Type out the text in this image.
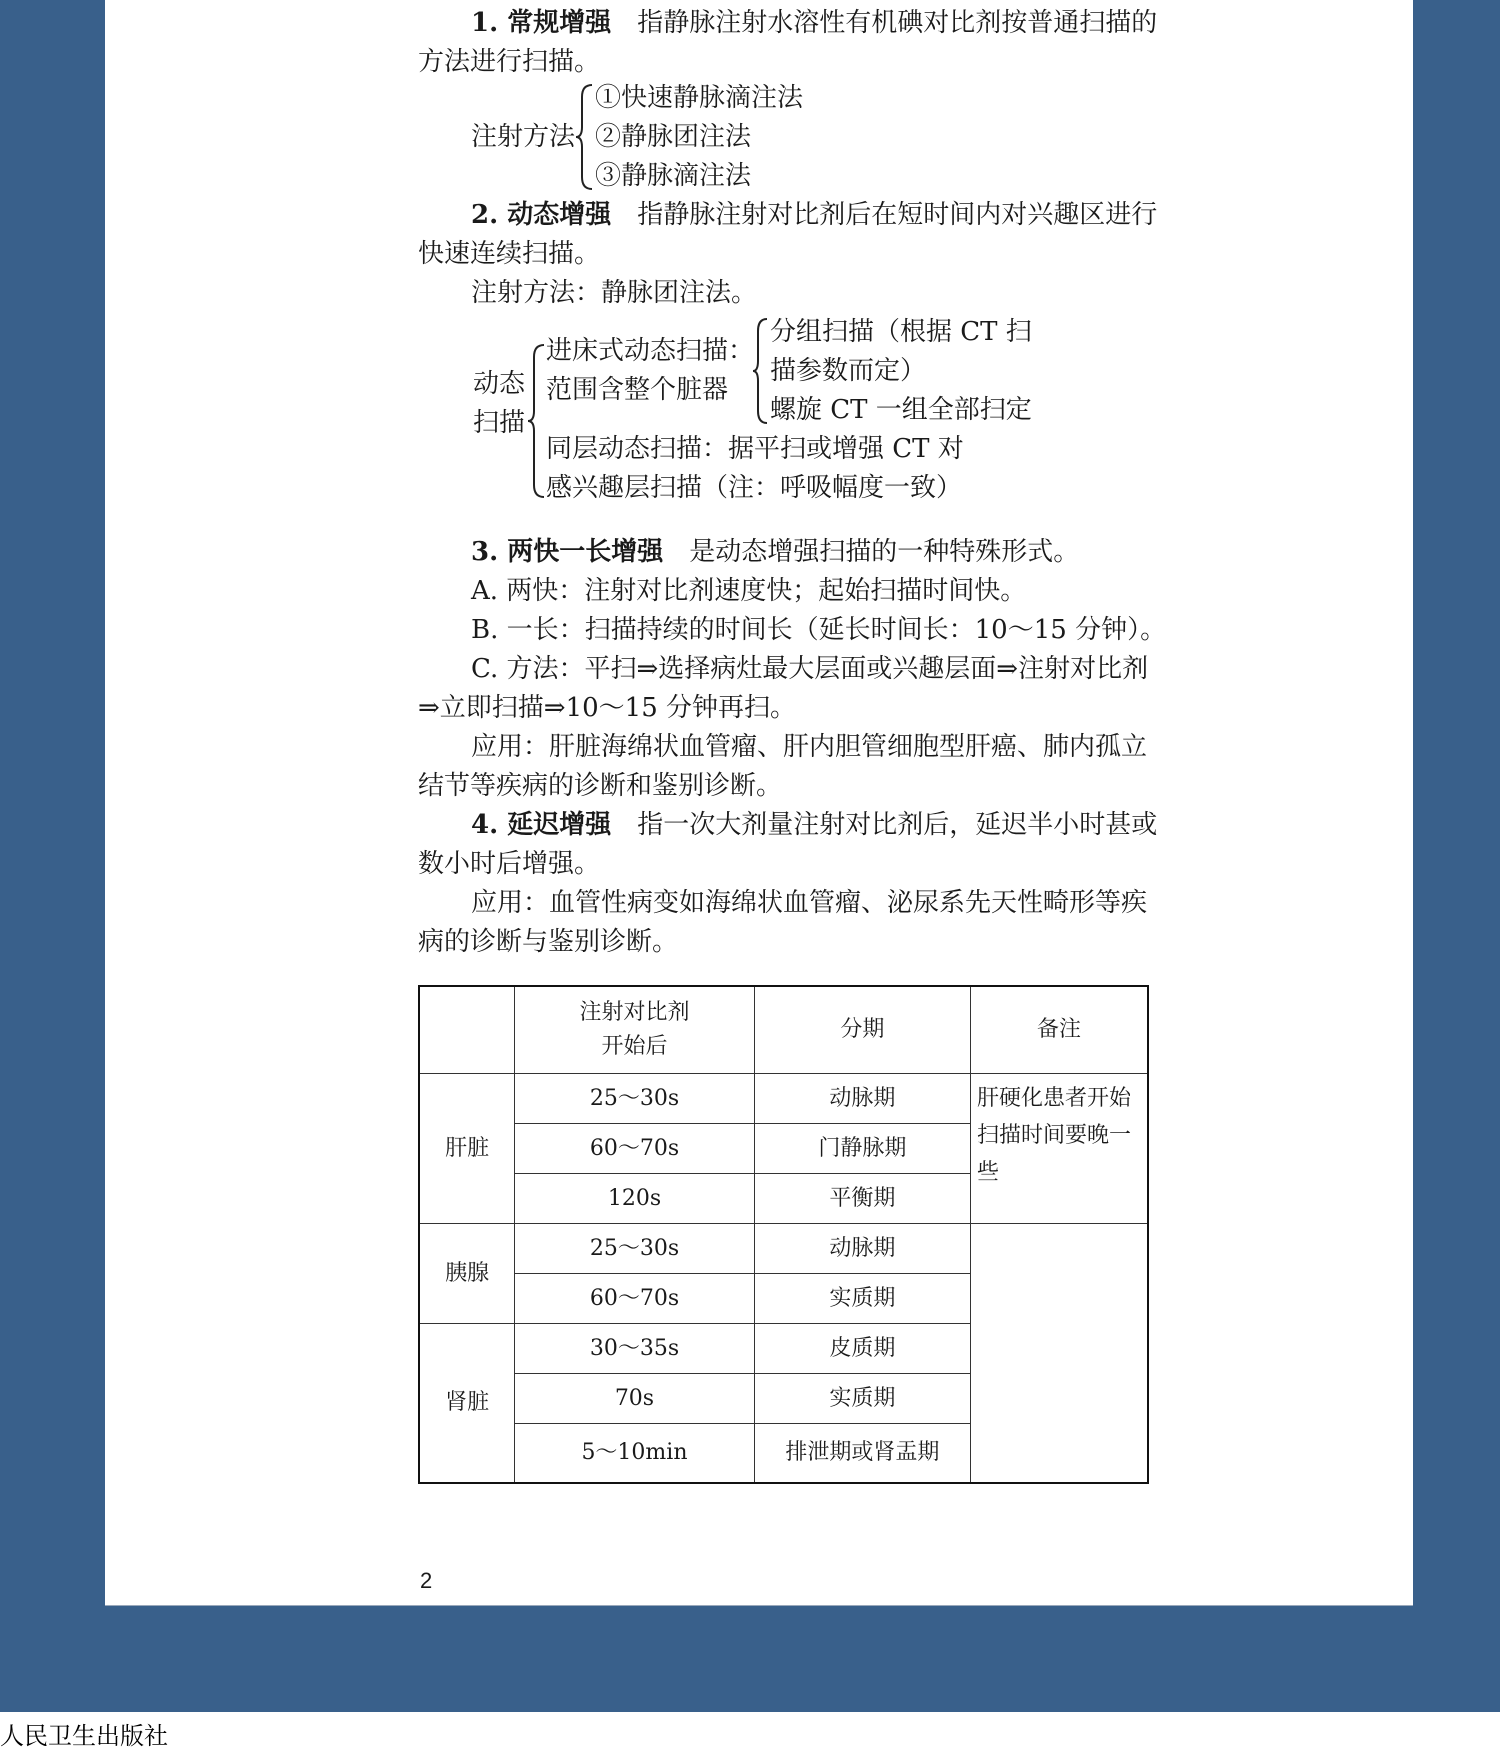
1. 常规增强　指静脉注射水溶性有机碘对比剂按普通扫描的方法进行扫描。

注射方法
①快速静脉滴注法
②静脉团注法
③静脉滴注法

2. 动态增强　指静脉注射对比剂后在短时间内对兴趣区进行快速连续扫描。

注射方法：静脉团注法。
动态
扫描
进床式动态扫描：
范围含整个脏器
分组扫描（根据 CT 扫
描参数而定）
螺旋 CT 一组全部扫定
同层动态扫描：据平扫或增强 CT 对
感兴趣层扫描（注：呼吸幅度一致）

3. 两快一长增强　是动态增强扫描的一种特殊形式。

A. 两快：注射对比剂速度快；起始扫描时间快。

B. 一长：扫描持续的时间长（延长时间长：10～15 分钟）。

C. 方法：平扫⇒选择病灶最大层面或兴趣层面⇒注射对比剂⇒立即扫描⇒10～15 分钟再扫。

应用：肝脏海绵状血管瘤、肝内胆管细胞型肝癌、肺内孤立结节等疾病的诊断和鉴别诊断。

4. 延迟增强　指一次大剂量注射对比剂后，延迟半小时甚或数小时后增强。

应用：血管性病变如海绵状血管瘤、泌尿系先天性畸形等疾病的诊断与鉴别诊断。

	注射对比剂
开始后	分期	备注
肝脏	25～30s	动脉期	肝硬化患者开始扫描时间要晚一些
	60～70s	门静脉期	
	120s	平衡期	
胰腺	25～30s	动脉期	
	60～70s	实质期	
肾脏	30～35s	皮质期	
	70s	实质期	
	5～10min	排泄期或肾盂期	
2
人民卫生出版社
